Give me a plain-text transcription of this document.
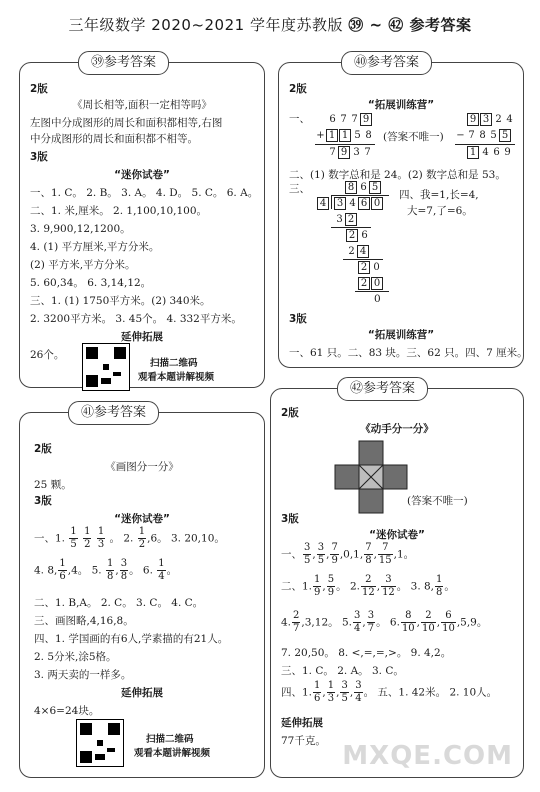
三年级数学 2020~2021 学年度苏教版 ㊴ ~ ㊷ 参考答案
㊴参考答案
2版
《周长相等,面积一定相等吗》
左图中分成图形的周长和面积都相等,右图
中分成图形的周长和面积都不相等。
3版
“迷你试卷”
一、1. C。 2. B。 3. A。 4. D。 5. C。 6. A。
二、1. 米,厘米。 2. 1,100,10,100。
3. 9,900,12,1200。
4. (1) 平方厘米,平方分米。
(2) 平方米,平方分米。
5. 60,34。 6. 3,14,12。
三、1. (1) 1750平方米。(2) 340米。
2. 3200平方米。 3. 45个。 4. 332平方米。
延伸拓展
26个。
扫描二维码
观看本题讲解视频
㊵参考答案
2版
“拓展训练营”
一、 6 7 7 9
+ 1 1 5 8
7 9 3 7
(答案不唯一)
9 3 2 4
− 7 8 5 5
1 4 6 9
二、(1) 数字总和是 24。(2) 数字总和是 53。
三、	8 6 5
4	3 4 6 0
3 2
2 6
2 4
2 0
2 0
0
四、我=1,长=4,
大=7,了=6。
3版
“拓展训练营”
一、61 只。二、83 块。三、62 只。四、7 厘米。
㊶参考答案
2版
《画图分一分》
25 颗。
3版
“迷你试卷”
一、1. $\frac{1}{5}$
$\frac{1}{2}$
$\frac{1}{3}$ 。 2. $\frac{1}{2} ,6$。 3. 20,10。
4. 8, $\frac{1}{6} ,4$。 5. $\frac{1}{8}$ , $\frac{3}{8}$ 。 6. $\frac{1}{4}$ 。
二、1. B,A。 2. C。 3. C。 4. C。
三、画图略,4,16,8。
四、1. 学国画的有6人,学素描的有21人。
2. 5分米,涂5格。
3. 两天卖的一样多。
延伸拓展
4×6=24块。
扫描二维码
观看本题讲解视频
㊷参考答案
2版
《动手分一分》
(答案不唯一)
3版
“迷你试卷”
一、 $\frac{3}{5}$ , $\frac{3}{5}$ , $\frac{7}{9} ,0,1$, $\frac{7}{8}$ , $\frac{7}{15} ,1$。
二、1. $\frac{1}{9}$ , $\frac{5}{9}$ 。 2. $\frac{2}{12}$ , $\frac{3}{12}$ 。 3. 8, $\frac{1}{8}$ 。
4. $\frac{2}{7} ,3,12$。 5. $\frac{3}{4}$ , $\frac{3}{7}$ 。 6. $\frac{8}{10}$ , $\frac{2}{10}$ , $\frac{6}{10} ,5,9$。
7. 20,50。 8. <,=,=,>。 9. 4,2。
三、1. C。 2. A。 3. C。
四、1. $\frac{1}{6}$ , $\frac{1}{3}$ , $\frac{3}{5}$ , $\frac{3}{4}$ 。 五、1. 42米。 2. 10人。
延伸拓展
77千克。 MXQE.COM
